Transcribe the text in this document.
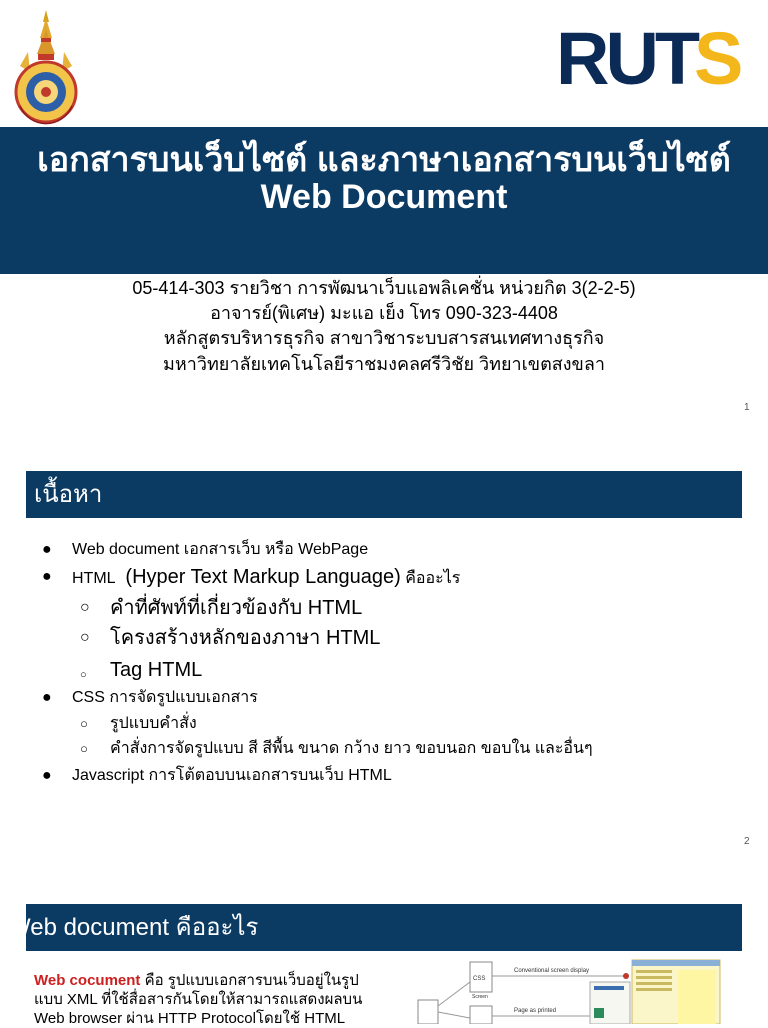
RUT
S
เอกสารบนเว็บไซต์ และภาษาเอกสารบนเว็บไซต์
Web Document
05-414-303 รายวิชา การพัฒนาเว็บแอพลิเคชั่น หน่วยกิต 3(2-2-5)
อาจารย์(พิเศษ) มะแอ เย็ง โทร 090-323-4408
หลักสูตรบริหารธุรกิจ สาขาวิชาระบบสารสนเทศทางธุรกิจ
มหาวิทยาลัยเทคโนโลยีราชมงคลศรีวิชัย วิทยาเขตสงขลา
1
เนื้อหา
● Web document เอกสารเว็บ หรือ WebPage
● HTML (Hyper Text Markup Language) คืออะไร
○ คำที่ศัพท์ที่เกี่ยวข้องกับ HTML
○ โครงสร้างหลักของภาษา HTML
○ Tag HTML
● CSS การจัดรูปแบบเอกสาร
○ รูปแบบคำสั่ง
○ คำสั่งการจัดรูปแบบ สี สีพื้น ขนาด กว้าง ยาว ขอบนอก ขอบใน และอื่นๆ
● Javascript การโต้ตอบบนเอกสารบนเว็บ HTML
2
Web document คืออะไร
Web cocument คือ รูปแบบเอกสารบนเว็บอยู่ในรูป
แบบ XML ที่ใช้สื่อสารกันโดยให้สามารถแสดงผลบน
Web browser ผ่าน HTTP Protocolโดยใช้ HTML
CSS
Screen
Conventional screen display
Page as printed
